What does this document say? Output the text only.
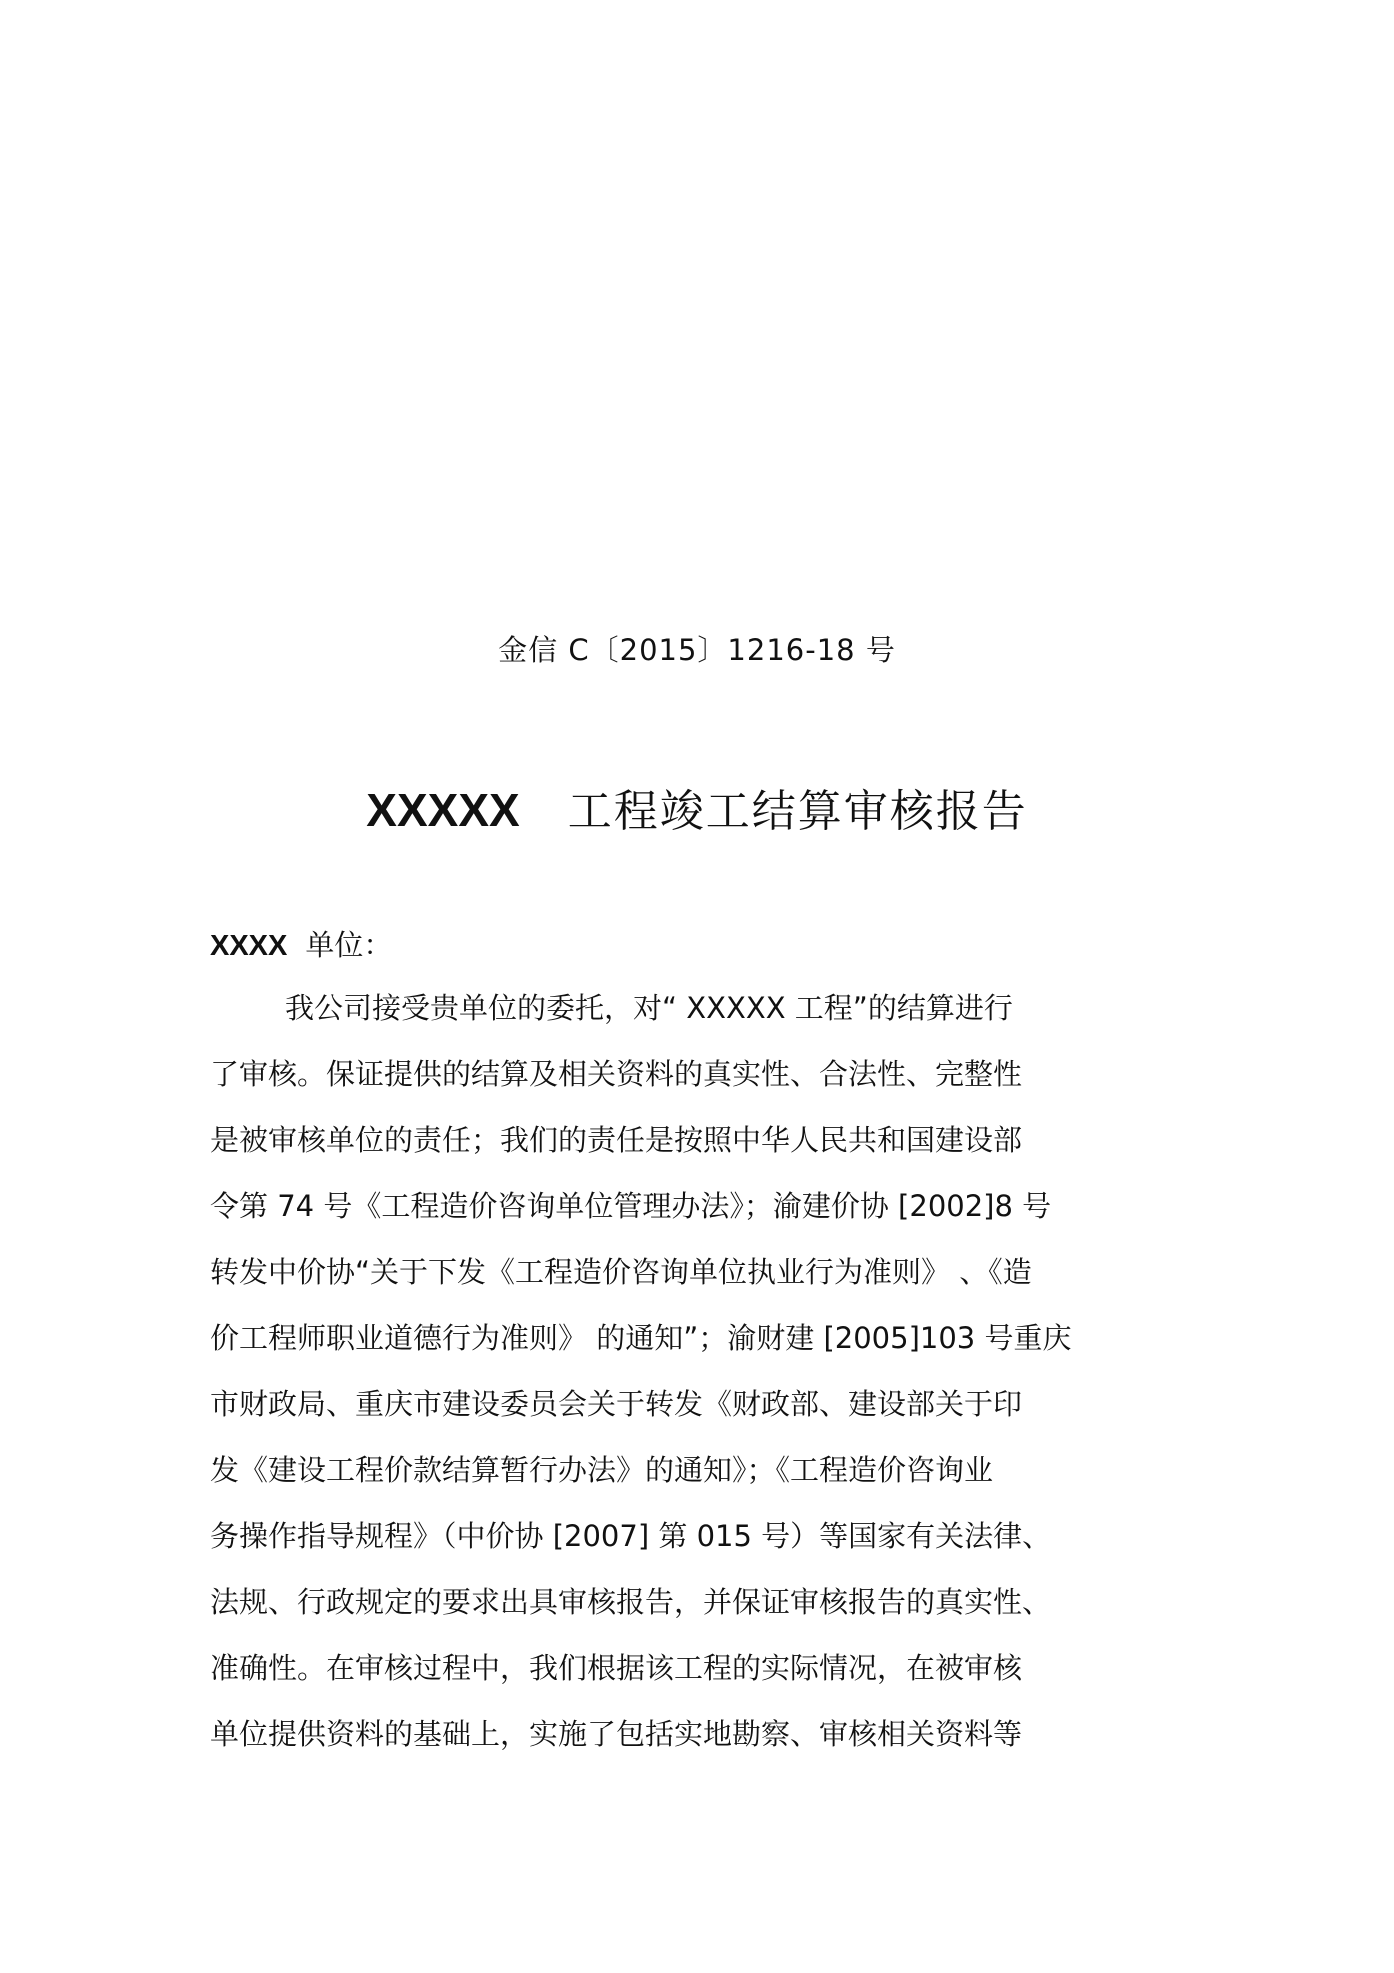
金信 C〔2015〕1216-18 号
XXXXX 工程竣工结算审核报告
XXXX 单位：
我公司接受贵单位的委托，对“ XXXXX 工程”的结算进行
了审核。保证提供的结算及相关资料的真实性、合法性、完整性
是被审核单位的责任；我们的责任是按照中华人民共和国建设部
令第 74 号《工程造价咨询单位管理办法》；渝建价协 [2002]8 号
转发中价协“关于下发《工程造价咨询单位执业行为准则》 、《造
价工程师职业道德行为准则》 的通知”；渝财建 [2005]103 号重庆
市财政局、重庆市建设委员会关于转发《财政部、建设部关于印
发《建设工程价款结算暂行办法》的通知》；《工程造价咨询业
务操作指导规程》（中价协 [2007] 第 015 号）等国家有关法律、
法规、行政规定的要求出具审核报告，并保证审核报告的真实性、
准确性。在审核过程中，我们根据该工程的实际情况，在被审核
单位提供资料的基础上，实施了包括实地勘察、审核相关资料等
